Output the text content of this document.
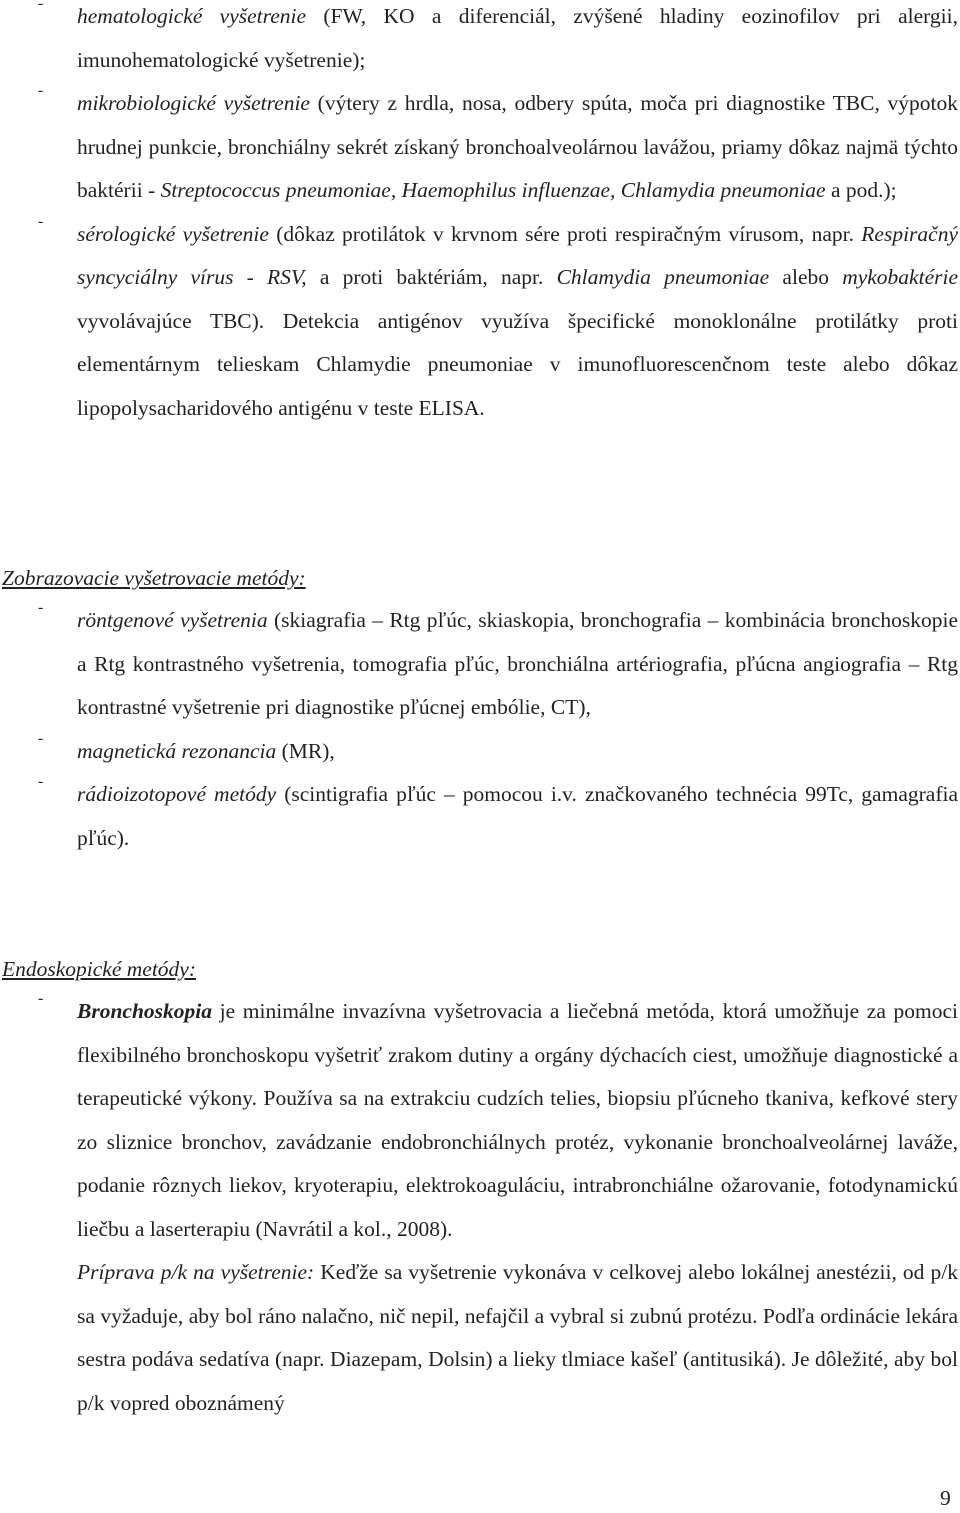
-

hematologické vyšetrenie (FW, KO a diferenciál, zvýšené hladiny eozinofilov pri alergii, imunohematologické vyšetrenie);

-

mikrobiologické vyšetrenie (výtery z hrdla, nosa, odbery spúta, moča pri diagnostike TBC, výpotok hrudnej punkcie, bronchiálny sekrét získaný bronchoalveolárnou lavážou, priamy dôkaz najmä týchto baktérii - Streptococcus pneumoniae, Haemophilus influenzae, Chlamydia pneumoniae a pod.);

-

sérologické vyšetrenie (dôkaz protilátok v krvnom sére proti respiračným vírusom, napr. Respiračný syncyciálny vírus - RSV, a proti baktériám, napr. Chlamydia pneumoniae alebo mykobaktérie vyvolávajúce TBC). Detekcia antigénov využíva špecifické monoklonálne protilátky proti elementárnym telieskam Chlamydie pneumoniae v imunofluorescenčnom teste alebo dôkaz lipopolysacharidového antigénu v teste ELISA.

Zobrazovacie vyšetrovacie metódy:
-

röntgenové vyšetrenia (skiagrafia – Rtg pľúc, skiaskopia, bronchografia – kombinácia bronchoskopie a Rtg kontrastného vyšetrenia, tomografia pľúc, bronchiálna artériografia, pľúcna angiografia – Rtg kontrastné vyšetrenie pri diagnostike pľúcnej embólie, CT),

-

magnetická rezonancia (MR),

-

rádioizotopové metódy (scintigrafia pľúc – pomocou i.v. značkovaného technécia 99Tc, gamagrafia pľúc).

Endoskopické metódy:
-

Bronchoskopia je minimálne invazívna vyšetrovacia a liečebná metóda, ktorá umožňuje za pomoci flexibilného bronchoskopu vyšetriť zrakom dutiny a orgány dýchacích ciest, umožňuje diagnostické a terapeutické výkony. Používa sa na extrakciu cudzích telies, biopsiu pľúcneho tkaniva, kefkové stery zo sliznice bronchov, zavádzanie endobronchiálnych protéz, vykonanie bronchoalveolárnej laváže, podanie rôznych liekov, kryoterapiu, elektrokoaguláciu, intrabronchiálne ožarovanie, fotodynamickú liečbu a laserterapiu (Navrátil a kol., 2008).

Príprava p/k na vyšetrenie: Keďže sa vyšetrenie vykonáva v celkovej alebo lokálnej anestézii, od p/k sa vyžaduje, aby bol ráno nalačno, nič nepil, nefajčil a vybral si zubnú protézu. Podľa ordinácie lekára sestra podáva sedatíva (napr. Diazepam, Dolsin) a lieky tlmiace kašeľ (antitusiká). Je dôležité, aby bol p/k vopred oboznámený

9
